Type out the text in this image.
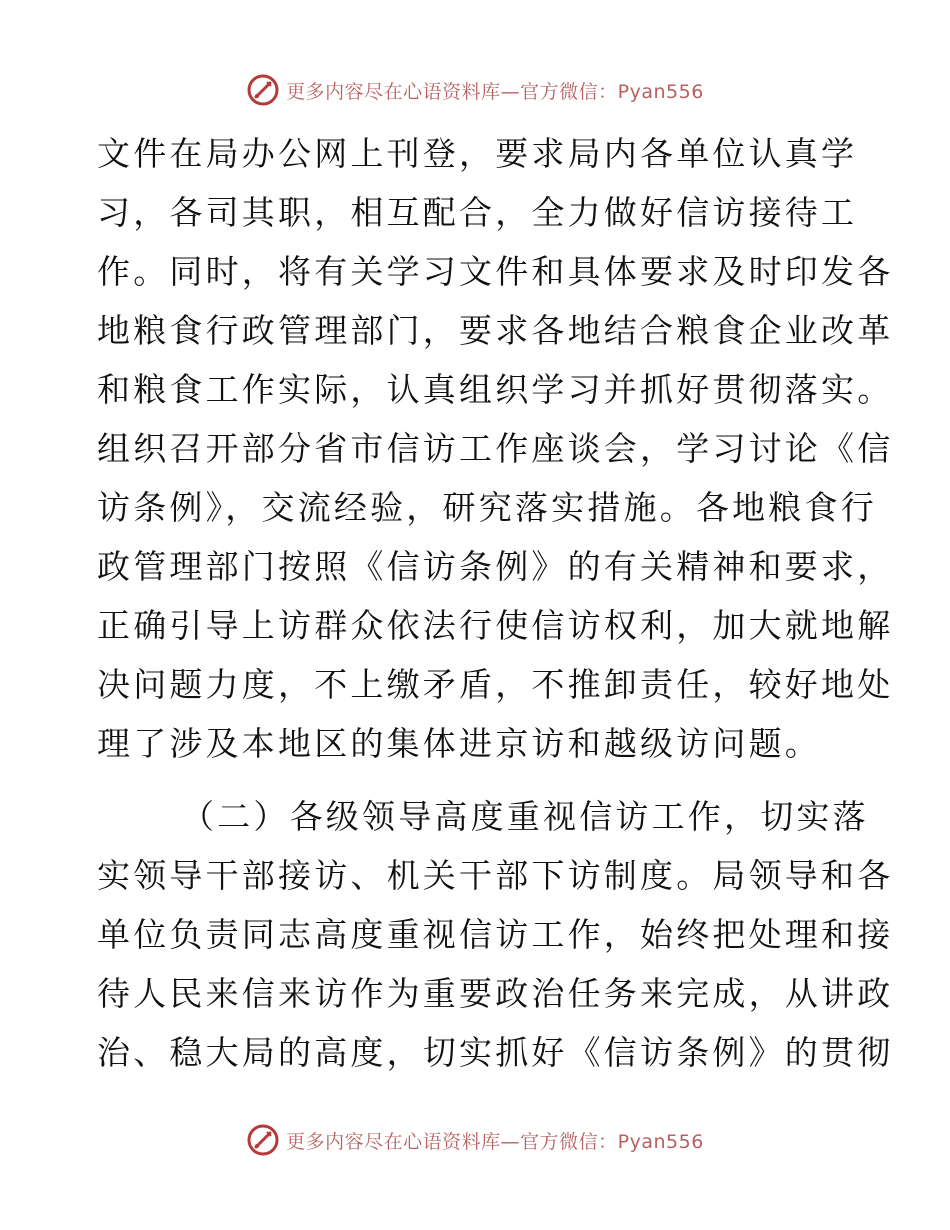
更多内容尽在心语资料库—官方微信：Pyan556
文件在局办公网上刊登，要求局内各单位认真学
习，各司其职，相互配合，全力做好信访接待工
作。同时，将有关学习文件和具体要求及时印发各
地粮食行政管理部门，要求各地结合粮食企业改革
和粮食工作实际，认真组织学习并抓好贯彻落实。
组织召开部分省市信访工作座谈会，学习讨论《信
访条例》，交流经验，研究落实措施。各地粮食行
政管理部门按照《信访条例》的有关精神和要求，
正确引导上访群众依法行使信访权利，加大就地解
决问题力度，不上缴矛盾，不推卸责任，较好地处
理了涉及本地区的集体进京访和越级访问题。
（二）各级领导高度重视信访工作，切实落
实领导干部接访、机关干部下访制度。局领导和各
单位负责同志高度重视信访工作，始终把处理和接
待人民来信来访作为重要政治任务来完成，从讲政
治、稳大局的高度，切实抓好《信访条例》的贯彻
更多内容尽在心语资料库—官方微信：Pyan556
